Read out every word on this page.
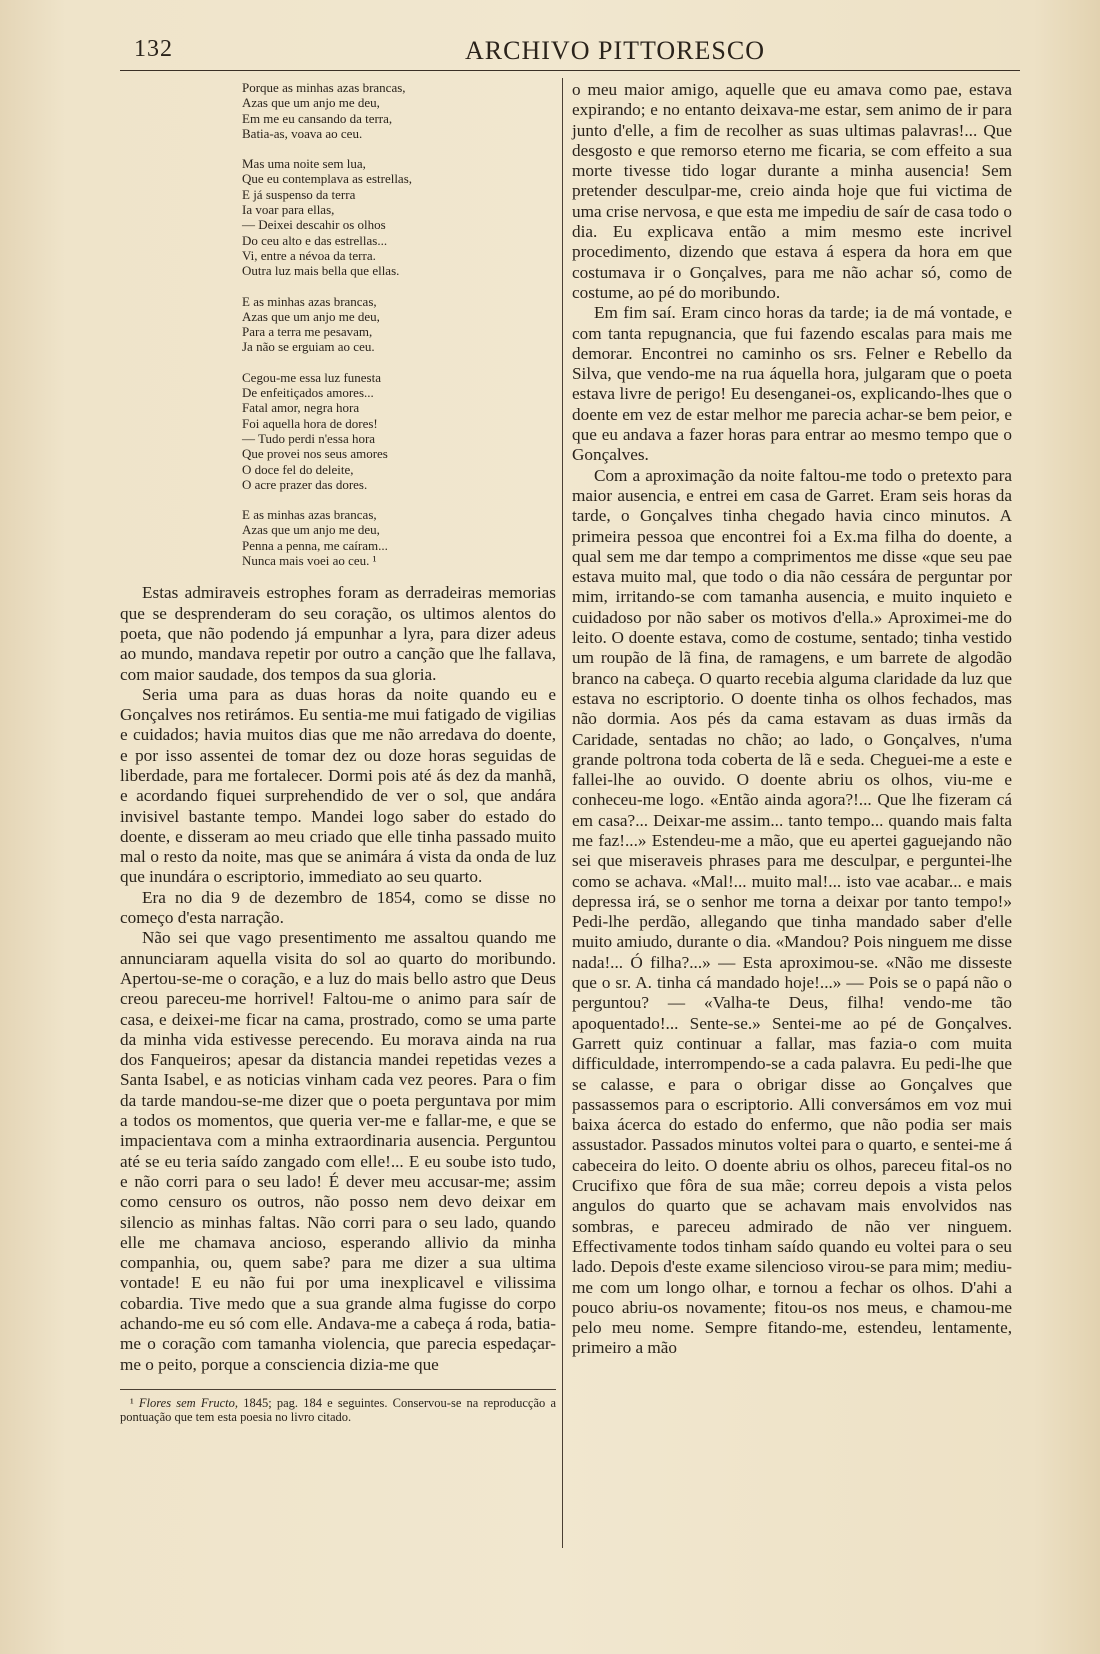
132	ARCHIVO PITTORESCO
Porque as minhas azas brancas,
Azas que um anjo me deu,
Em me eu cansando da terra,
Batia-as, voava ao ceu.
Mas uma noite sem lua,
Que eu contemplava as estrellas,
E já suspenso da terra
Ia voar para ellas,
— Deixei descahir os olhos
Do ceu alto e das estrellas...
Vi, entre a névoa da terra.
Outra luz mais bella que ellas.
E as minhas azas brancas,
Azas que um anjo me deu,
Para a terra me pesavam,
Ja não se erguiam ao ceu.
Cegou-me essa luz funesta
De enfeitiçados amores...
Fatal amor, negra hora
Foi aquella hora de dores!
— Tudo perdi n'essa hora
Que provei nos seus amores
O doce fel do deleite,
O acre prazer das dores.
E as minhas azas brancas,
Azas que um anjo me deu,
Penna a penna, me caíram...
Nunca mais voei ao ceu. ¹

Estas admiraveis estrophes foram as derradeiras memorias que se desprenderam do seu coração, os ultimos alentos do poeta, que não podendo já empunhar a lyra, para dizer adeus ao mundo, mandava repetir por outro a canção que lhe fallava, com maior saudade, dos tempos da sua gloria.

Seria uma para as duas horas da noite quando eu e Gonçalves nos retirámos. Eu sentia-me mui fatigado de vigilias e cuidados; havia muitos dias que me não arredava do doente, e por isso assentei de tomar dez ou doze horas seguidas de liberdade, para me fortalecer. Dormi pois até ás dez da manhã, e acordando fiquei surprehendido de ver o sol, que andára invisivel bastante tempo. Mandei logo saber do estado do doente, e disseram ao meu criado que elle tinha passado muito mal o resto da noite, mas que se animára á vista da onda de luz que inundára o escriptorio, immediato ao seu quarto.

Era no dia 9 de dezembro de 1854, como se disse no começo d'esta narração.

Não sei que vago presentimento me assaltou quando me annunciaram aquella visita do sol ao quarto do moribundo. Apertou-se-me o coração, e a luz do mais bello astro que Deus creou pareceu-me horrivel! Faltou-me o animo para saír de casa, e deixei-me ficar na cama, prostrado, como se uma parte da minha vida estivesse perecendo. Eu morava ainda na rua dos Fanqueiros; apesar da distancia mandei repetidas vezes a Santa Isabel, e as noticias vinham cada vez peores. Para o fim da tarde mandou-se-me dizer que o poeta perguntava por mim a todos os momentos, que queria ver-me e fallar-me, e que se impacientava com a minha extraordinaria ausencia. Perguntou até se eu teria saído zangado com elle!... E eu soube isto tudo, e não corri para o seu lado! É dever meu accusar-me; assim como censuro os outros, não posso nem devo deixar em silencio as minhas faltas. Não corri para o seu lado, quando elle me chamava ancioso, esperando allivio da minha companhia, ou, quem sabe? para me dizer a sua ultima vontade! E eu não fui por uma inexplicavel e vilissima cobardia. Tive medo que a sua grande alma fugisse do corpo achando-me eu só com elle. Andava-me a cabeça á roda, batia-me o coração com tamanha violencia, que parecia espedaçar-me o peito, porque a consciencia dizia-me que

¹ Flores sem Fructo, 1845; pag. 184 e seguintes. Conservou-se na reproducção a pontuação que tem esta poesia no livro citado.

o meu maior amigo, aquelle que eu amava como pae, estava expirando; e no entanto deixava-me estar, sem animo de ir para junto d'elle, a fim de recolher as suas ultimas palavras!... Que desgosto e que remorso eterno me ficaria, se com effeito a sua morte tivesse tido logar durante a minha ausencia! Sem pretender desculpar-me, creio ainda hoje que fui victima de uma crise nervosa, e que esta me impediu de saír de casa todo o dia. Eu explicava então a mim mesmo este incrivel procedimento, dizendo que estava á espera da hora em que costumava ir o Gonçalves, para me não achar só, como de costume, ao pé do moribundo.

Em fim saí. Eram cinco horas da tarde; ia de má vontade, e com tanta repugnancia, que fui fazendo escalas para mais me demorar. Encontrei no caminho os srs. Felner e Rebello da Silva, que vendo-me na rua áquella hora, julgaram que o poeta estava livre de perigo! Eu desenganei-os, explicando-lhes que o doente em vez de estar melhor me parecia achar-se bem peior, e que eu andava a fazer horas para entrar ao mesmo tempo que o Gonçalves.

Com a aproximação da noite faltou-me todo o pretexto para maior ausencia, e entrei em casa de Garret. Eram seis horas da tarde, o Gonçalves tinha chegado havia cinco minutos. A primeira pessoa que encontrei foi a Ex.ma filha do doente, a qual sem me dar tempo a comprimentos me disse «que seu pae estava muito mal, que todo o dia não cessára de perguntar por mim, irritando-se com tamanha ausencia, e muito inquieto e cuidadoso por não saber os motivos d'ella.» Aproximei-me do leito. O doente estava, como de costume, sentado; tinha vestido um roupão de lã fina, de ramagens, e um barrete de algodão branco na cabeça. O quarto recebia alguma claridade da luz que estava no escriptorio. O doente tinha os olhos fechados, mas não dormia. Aos pés da cama estavam as duas irmãs da Caridade, sentadas no chão; ao lado, o Gonçalves, n'uma grande poltrona toda coberta de lã e seda. Cheguei-me a este e fallei-lhe ao ouvido. O doente abriu os olhos, viu-me e conheceu-me logo. «Então ainda agora?!... Que lhe fizeram cá em casa?... Deixar-me assim... tanto tempo... quando mais falta me faz!...» Estendeu-me a mão, que eu apertei gaguejando não sei que miseraveis phrases para me desculpar, e perguntei-lhe como se achava. «Mal!... muito mal!... isto vae acabar... e mais depressa irá, se o senhor me torna a deixar por tanto tempo!» Pedi-lhe perdão, allegando que tinha mandado saber d'elle muito amiudo, durante o dia. «Mandou? Pois ninguem me disse nada!... Ó filha?...» — Esta aproximou-se. «Não me disseste que o sr. A. tinha cá mandado hoje!...» — Pois se o papá não o perguntou? — «Valha-te Deus, filha! vendo-me tão apoquentado!... Sente-se.» Sentei-me ao pé de Gonçalves. Garrett quiz continuar a fallar, mas fazia-o com muita difficuldade, interrompendo-se a cada palavra. Eu pedi-lhe que se calasse, e para o obrigar disse ao Gonçalves que passassemos para o escriptorio. Alli conversámos em voz mui baixa ácerca do estado do enfermo, que não podia ser mais assustador. Passados minutos voltei para o quarto, e sentei-me á cabeceira do leito. O doente abriu os olhos, pareceu fital-os no Crucifixo que fôra de sua mãe; correu depois a vista pelos angulos do quarto que se achavam mais envolvidos nas sombras, e pareceu admirado de não ver ninguem. Effectivamente todos tinham saído quando eu voltei para o seu lado. Depois d'este exame silencioso virou-se para mim; mediu-me com um longo olhar, e tornou a fechar os olhos. D'ahi a pouco abriu-os novamente; fitou-os nos meus, e chamou-me pelo meu nome. Sempre fitando-me, estendeu, lentamente, primeiro a mão
